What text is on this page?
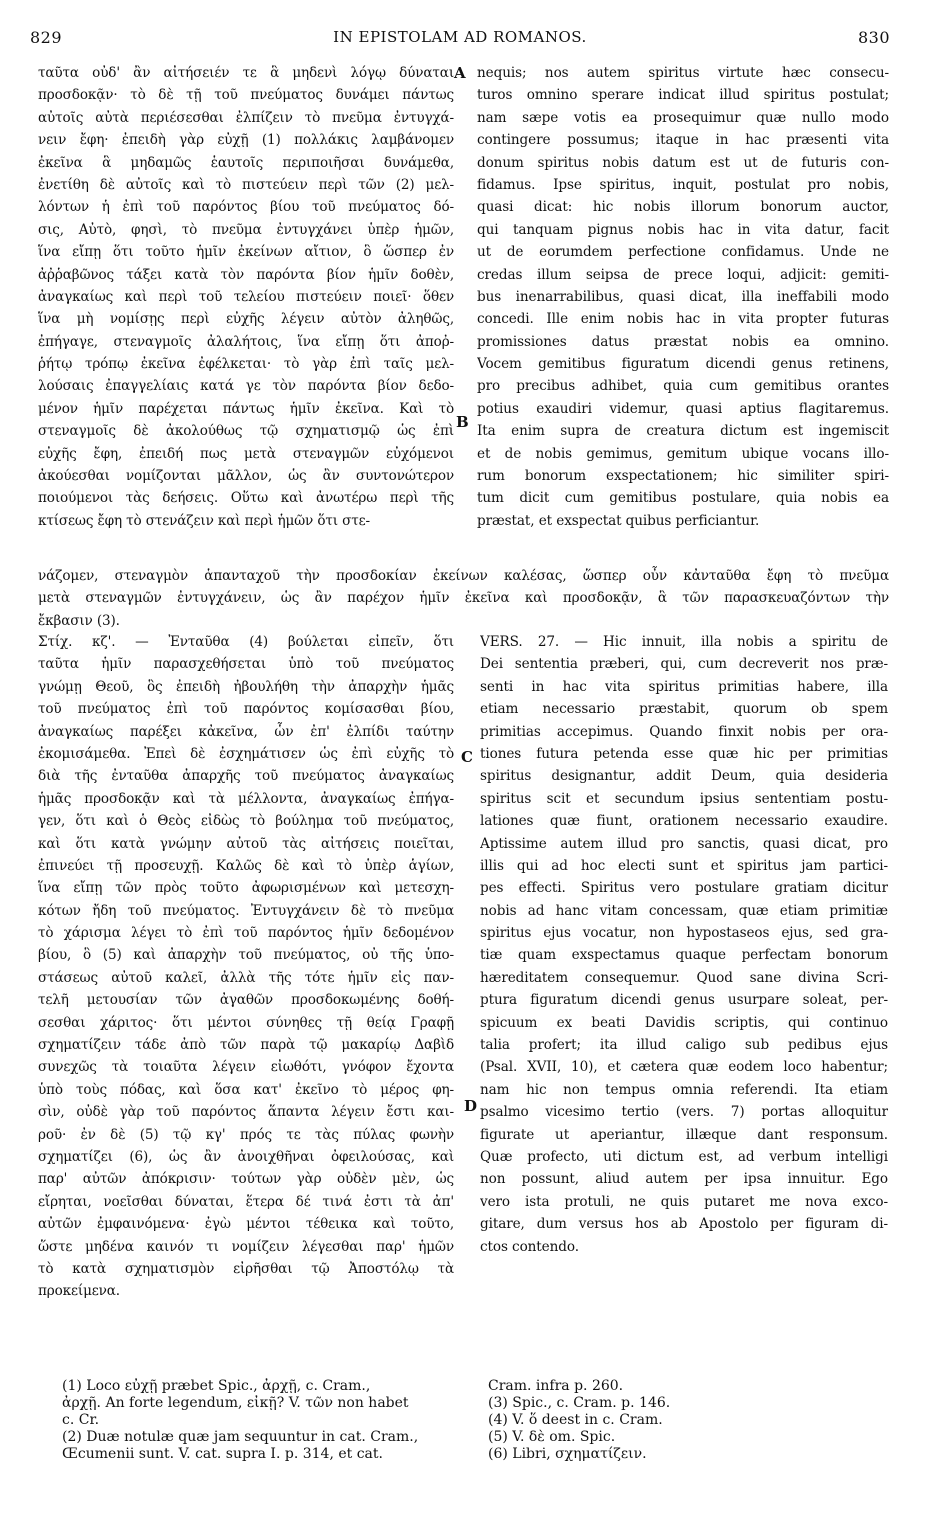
829	IN EPISTOLAM AD ROMANOS.	830
A
B
C
D
ταῦτα οὐδ' ἂν αἰτήσειέν τε ἃ μηδενὶ λόγῳ δύναται
προσδοκᾷν· τὸ δὲ τῇ τοῦ πνεύματος δυνάμει πάντως
αὐτοῖς αὐτὰ περιέσεσθαι ἐλπίζειν τὸ πνεῦμα ἐντυγχά-
νειν ἔφη· ἐπειδὴ γὰρ εὐχῇ (1) πολλάκις λαμβάνομεν
ἐκεῖνα ἃ μηδαμῶς ἑαυτοῖς περιποιῆσαι δυνάμεθα,
ἐνετίθη δὲ αὐτοῖς καὶ τὸ πιστεύειν περὶ τῶν (2) μελ-
λόντων ἡ ἐπὶ τοῦ παρόντος βίου τοῦ πνεύματος δό-
σις, Αὐτὸ, φησὶ, τὸ πνεῦμα ἐντυγχάνει ὑπὲρ ἡμῶν,
ἵνα εἴπῃ ὅτι τοῦτο ἡμῖν ἐκείνων αἴτιον, ὃ ὥσπερ ἐν
ἀῤῥαβῶνος τάξει κατὰ τὸν παρόντα βίον ἡμῖν δοθὲν,
ἀναγκαίως καὶ περὶ τοῦ τελείου πιστεύειν ποιεῖ· ὅθεν
ἵνα μὴ νομίσῃς περὶ εὐχῆς λέγειν αὐτὸν ἀληθῶς,
ἐπήγαγε, στεναγμοῖς ἀλαλήτοις, ἵνα εἴπῃ ὅτι ἀποῤ-
ῥήτῳ τρόπῳ ἐκεῖνα ἐφέλκεται· τὸ γὰρ ἐπὶ ταῖς μελ-
λούσαις ἐπαγγελίαις κατά γε τὸν παρόντα βίον δεδο-
μένον ἡμῖν παρέχεται πάντως ἡμῖν ἐκεῖνα. Καὶ τὸ
στεναγμοῖς δὲ ἀκολούθως τῷ σχηματισμῷ ὡς ἐπὶ
εὐχῆς ἔφη, ἐπειδή πως μετὰ στεναγμῶν εὐχόμενοι
ἀκούεσθαι νομίζονται μᾶλλον, ὡς ἂν συντονώτερον
ποιούμενοι τὰς δεήσεις. Οὕτω καὶ ἀνωτέρω περὶ τῆς
κτίσεως ἔφη τὸ στενάζειν καὶ περὶ ἡμῶν ὅτι στε-
nequis; nos autem spiritus virtute hæc consecu-
turos omnino sperare indicat illud spiritus postulat;
nam sæpe votis ea prosequimur quæ nullo modo
contingere possumus; itaque in hac præsenti vita
donum spiritus nobis datum est ut de futuris con-
fidamus. Ipse spiritus, inquit, postulat pro nobis,
quasi dicat: hic nobis illorum bonorum auctor,
qui tanquam pignus nobis hac in vita datur, facit
ut de eorumdem perfectione confidamus. Unde ne
credas illum seipsa de prece loqui, adjicit: gemiti-
bus inenarrabilibus, quasi dicat, illa ineffabili modo
concedi. Ille enim nobis hac in vita propter futuras
promissiones datus præstat nobis ea omnino.
Vocem gemitibus figuratum dicendi genus retinens,
pro precibus adhibet, quia cum gemitibus orantes
potius exaudiri videmur, quasi aptius flagitaremus.
Ita enim supra de creatura dictum est ingemiscit
et de nobis gemimus, gemitum ubique vocans illo-
rum bonorum exspectationem; hic similiter spiri-
tum dicit cum gemitibus postulare, quia nobis ea
præstat, et exspectat quibus perficiantur.
νάζομεν, στεναγμὸν ἁπανταχοῦ τὴν προσδοκίαν ἐκείνων καλέσας, ὥσπερ οὖν κἀνταῦθα ἔφη τὸ πνεῦμα
μετὰ στεναγμῶν ἐντυγχάνειν, ὡς ἂν παρέχον ἡμῖν ἐκεῖνα καὶ προσδοκᾷν, ἃ τῶν παρασκευαζόντων τὴν
ἔκβασιν (3).
Στίχ. κζ'. — Ἐνταῦθα (4) βούλεται εἰπεῖν, ὅτι
ταῦτα ἡμῖν παρασχεθήσεται ὑπὸ τοῦ πνεύματος
γνώμῃ Θεοῦ, ὃς ἐπειδὴ ἠβουλήθη τὴν ἀπαρχὴν ἡμᾶς
τοῦ πνεύματος ἐπὶ τοῦ παρόντος κομίσασθαι βίου,
ἀναγκαίως παρέξει κἀκεῖνα, ὧν ἐπ' ἐλπίδι ταύτην
ἐκομισάμεθα. Ἐπεὶ δὲ ἐσχημάτισεν ὡς ἐπὶ εὐχῆς τὸ
διὰ τῆς ἐνταῦθα ἀπαρχῆς τοῦ πνεύματος ἀναγκαίως
ἡμᾶς προσδοκᾷν καὶ τὰ μέλλοντα, ἀναγκαίως ἐπήγα-
γεν, ὅτι καὶ ὁ Θεὸς εἰδὼς τὸ βούλημα τοῦ πνεύματος,
καὶ ὅτι κατὰ γνώμην αὐτοῦ τὰς αἰτήσεις ποιεῖται,
ἐπινεύει τῇ προσευχῇ. Καλῶς δὲ καὶ τὸ ὑπὲρ ἁγίων,
ἵνα εἴπῃ τῶν πρὸς τοῦτο ἀφωρισμένων καὶ μετεσχη-
κότων ἤδη τοῦ πνεύματος. Ἐντυγχάνειν δὲ τὸ πνεῦμα
τὸ χάρισμα λέγει τὸ ἐπὶ τοῦ παρόντος ἡμῖν δεδομένον
βίου, ὃ (5) καὶ ἀπαρχὴν τοῦ πνεύματος, οὐ τῆς ὑπο-
στάσεως αὐτοῦ καλεῖ, ἀλλὰ τῆς τότε ἡμῖν εἰς παν-
τελῆ μετουσίαν τῶν ἀγαθῶν προσδοκωμένης δοθή-
σεσθαι χάριτος· ὅτι μέντοι σύνηθες τῇ θείᾳ Γραφῇ
σχηματίζειν τάδε ἀπὸ τῶν παρὰ τῷ μακαρίῳ Δαβὶδ
συνεχῶς τὰ τοιαῦτα λέγειν εἰωθότι, γνόφον ἔχοντα
ὑπὸ τοὺς πόδας, καὶ ὅσα κατ' ἐκεῖνο τὸ μέρος φη-
σὶν, οὐδὲ γὰρ τοῦ παρόντος ἅπαντα λέγειν ἔστι και-
ροῦ· ἐν δὲ (5) τῷ κγ' πρός τε τὰς πύλας φωνὴν
σχηματίζει (6), ὡς ἂν ἀνοιχθῆναι ὀφειλούσας, καὶ
παρ' αὐτῶν ἀπόκρισιν· τούτων γὰρ οὐδὲν μὲν, ὡς
εἴρηται, νοεῖσθαι δύναται, ἕτερα δέ τινά ἐστι τὰ ἀπ'
αὐτῶν ἐμφαινόμενα· ἐγὼ μέντοι τέθεικα καὶ τοῦτο,
ὥστε μηδένα καινόν τι νομίζειν λέγεσθαι παρ' ἡμῶν
τὸ κατὰ σχηματισμὸν εἰρῆσθαι τῷ Ἀποστόλῳ τὰ
προκείμενα.
VERS. 27. — Hic innuit, illa nobis a spiritu de
Dei sententia præberi, qui, cum decreverit nos præ-
senti in hac vita spiritus primitias habere, illa
etiam necessario præstabit, quorum ob spem
primitias accepimus. Quando finxit nobis per ora-
tiones futura petenda esse quæ hic per primitias
spiritus designantur, addit Deum, quia desideria
spiritus scit et secundum ipsius sententiam postu-
lationes quæ fiunt, orationem necessario exaudire.
Aptissime autem illud pro sanctis, quasi dicat, pro
illis qui ad hoc electi sunt et spiritus jam partici-
pes effecti. Spiritus vero postulare gratiam dicitur
nobis ad hanc vitam concessam, quæ etiam primitiæ
spiritus ejus vocatur, non hypostaseos ejus, sed gra-
tiæ quam exspectamus quaque perfectam bonorum
hæreditatem consequemur. Quod sane divina Scri-
ptura figuratum dicendi genus usurpare soleat, per-
spicuum ex beati Davidis scriptis, qui continuo
talia profert; ita illud caligo sub pedibus ejus
(Psal. XVII, 10), et cætera quæ eodem loco habentur;
nam hic non tempus omnia referendi. Ita etiam
psalmo vicesimo tertio (vers. 7) portas alloquitur
figurate ut aperiantur, illæque dant responsum.
Quæ profecto, uti dictum est, ad verbum intelligi
non possunt, aliud autem per ipsa innuitur. Ego
vero ista protuli, ne quis putaret me nova exco-
gitare, dum versus hos ab Apostolo per figuram di-
ctos contendo.
(1) Loco εὐχῇ præbet Spic., ἀρχῇ, c. Cram.,
ἀρχῇ. An forte legendum, εἰκῇ? V. τῶν non habet
c. Cr.
(2) Duæ notulæ quæ jam sequuntur in cat. Cram.,
Œcumenii sunt. V. cat. supra I. p. 314, et cat.
Cram. infra p. 260.
(3) Spic., c. Cram. p. 146.
(4) V. ὅ deest in c. Cram.
(5) V. δὲ om. Spic.
(6) Libri, σχηματίζειν.
